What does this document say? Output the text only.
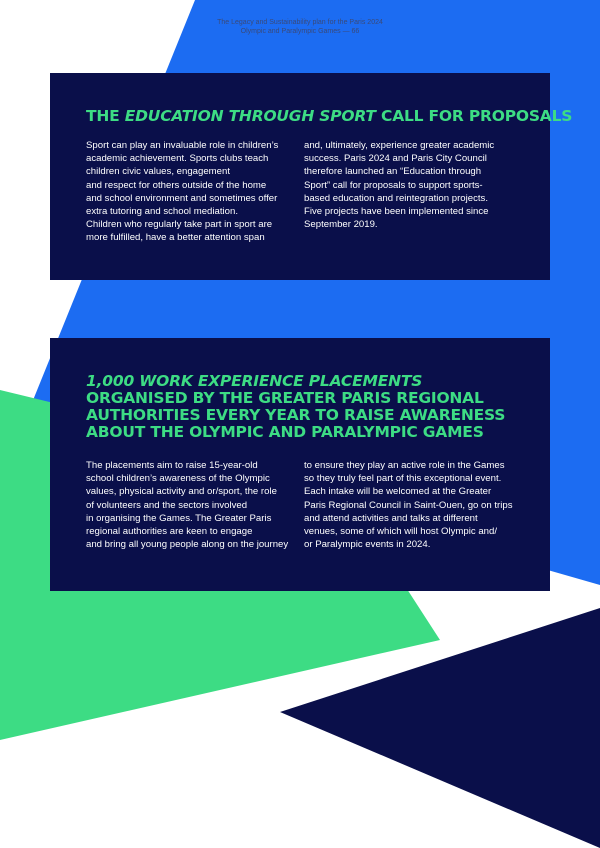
The Legacy and Sustainability plan for the Paris 2024
Olympic and Paralympic Games — 66
THE EDUCATION THROUGH SPORT CALL FOR PROPOSALS
Sport can play an invaluable role in children’s
academic achievement. Sports clubs teach
children civic values, engagement
and respect for others outside of the home
and school environment and sometimes offer
extra tutoring and school mediation.
Children who regularly take part in sport are
more fulfilled, have a better attention span
and, ultimately, experience greater academic
success. Paris 2024 and Paris City Council
therefore launched an “Education through
Sport” call for proposals to support sports-
based education and reintegration projects.
Five projects have been implemented since
September 2019.
1,000 WORK EXPERIENCE PLACEMENTS ORGANISED BY THE GREATER PARIS REGIONAL AUTHORITIES EVERY YEAR TO RAISE AWARENESS ABOUT THE OLYMPIC AND PARALYMPIC GAMES
The placements aim to raise 15-year-old
school children’s awareness of the Olympic
values, physical activity and or/sport, the role
of volunteers and the sectors involved
in organising the Games. The Greater Paris
regional authorities are keen to engage
and bring all young people along on the journey
to ensure they play an active role in the Games
so they truly feel part of this exceptional event.
Each intake will be welcomed at the Greater
Paris Regional Council in Saint-Ouen, go on trips
and attend activities and talks at different
venues, some of which will host Olympic and/
or Paralympic events in 2024.
